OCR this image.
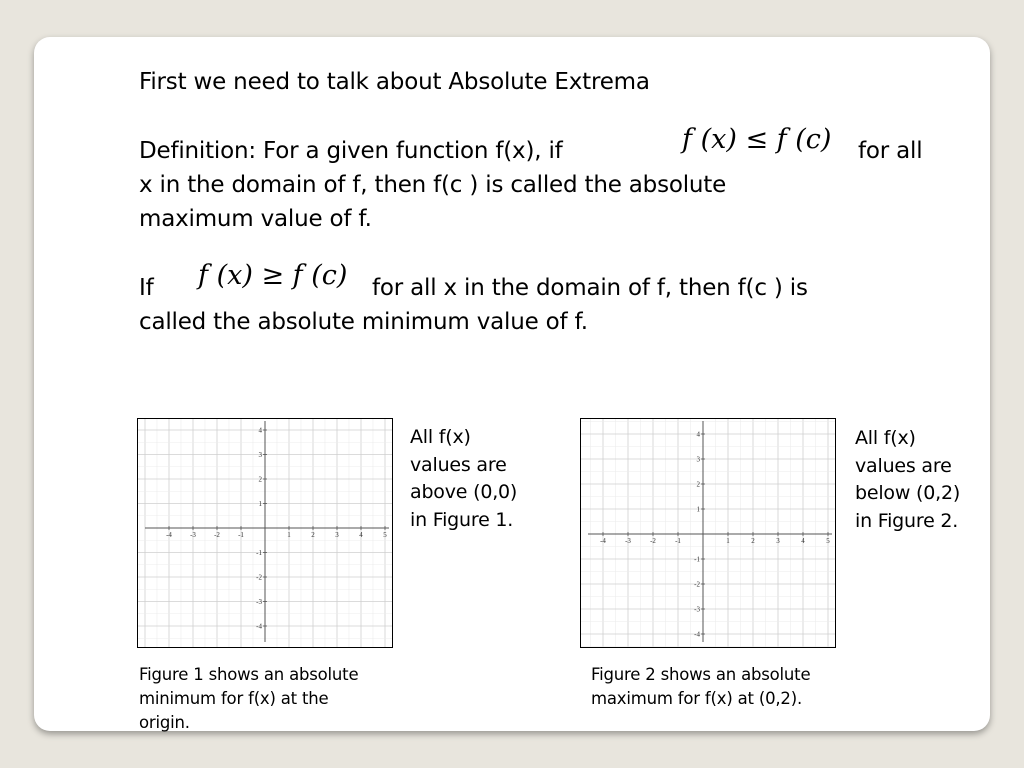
First we need to talk about Absolute Extrema
Definition: For a given function f(x), if	f (x) ≤ f (c) for all
x in the domain of f, then f(c ) is called the absolute
maximum value of f.
If f (x) ≥ f (c) for all x in the domain of f, then f(c ) is
called the absolute minimum value of f.
-4	-3	-2	-1	1	2	3	4	5
4
3
2
1
-1
-2
-3
-4
-4	-3	-2	-1	1	2	3	4	5
4
3
2
1
-1
-2
-3
-4
All f(x)
values are
above (0,0)
in Figure 1.
All f(x)
values are
below (0,2)
in Figure 2.
Figure 1 shows an absolute
minimum for f(x) at the
origin.
Figure 2 shows an absolute
maximum for f(x) at (0,2).
